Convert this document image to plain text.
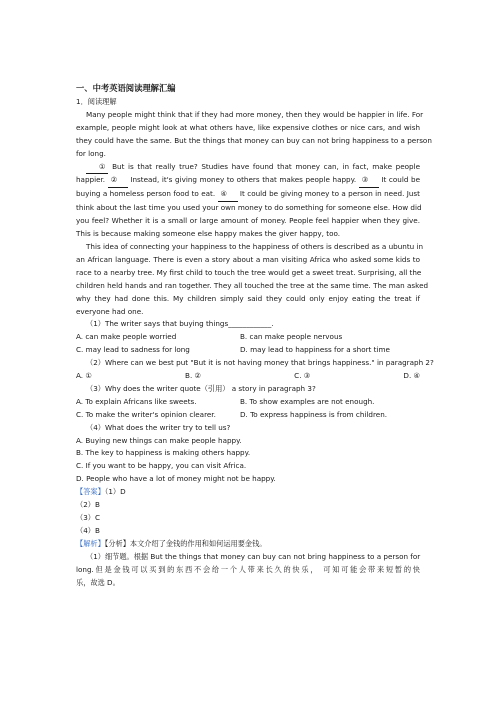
一、中考英语阅读理解汇编
1．阅读理解
Many people might think that if they had more money, then they would be happier in life. For
example, people might look at what others have, like expensive clothes or nice cars, and wish
they could have the same. But the things that money can buy can not bring happiness to a person
for long.
① But is that really true? Studies have found that money can, in fact, make people
happier. ② Instead, it's giving money to others that makes people happy. ③ It could be
buying a homeless person food to eat. ④ It could be giving money to a person in need. Just
think about the last time you used your own money to do something for someone else. How did
you feel? Whether it is a small or large amount of money. People feel happier when they give.
This is because making someone else happy makes the giver happy, too.
This idea of connecting your happiness to the happiness of others is described as a ubuntu in
an African language. There is even a story about a man visiting Africa who asked some kids to
race to a nearby tree. My first child to touch the tree would get a sweet treat. Surprising, all the
children held hands and ran together. They all touched the tree at the same time. The man asked
why they had done this. My children simply said they could only enjoy eating the treat if
everyone had one.
（1）The writer says that buying things____________.
A. can make people worried	B. can make people nervous
C. may lead to sadness for long	D. may lead to happiness for a short time
（2）Where can we best put "But it is not having money that brings happiness." in paragraph 2?
A. ①	B. ②	C. ③	D. ④
（3）Why does the writer quote（引用） a story in paragraph 3?
A. To explain Africans like sweets.	B. To show examples are not enough.
C. To make the writer's opinion clearer.	D. To express happiness is from children.
（4）What does the writer try to tell us?
A. Buying new things can make people happy.
B. The key to happiness is making others happy.
C. If you want to be happy, you can visit Africa.
D. People who have a lot of money might not be happy.
【答案】（1）D
（2）B
（3）C
（4）B
【解析】【分析】本文介绍了金钱的作用和如何运用要金钱。
（1）细节题。根据 But the things that money can buy can not bring happiness to a person for
long.但是金钱可以买到的东西不会给一个人带来长久的快乐， 可知可能会带来短暂的快
乐，故选 D。
